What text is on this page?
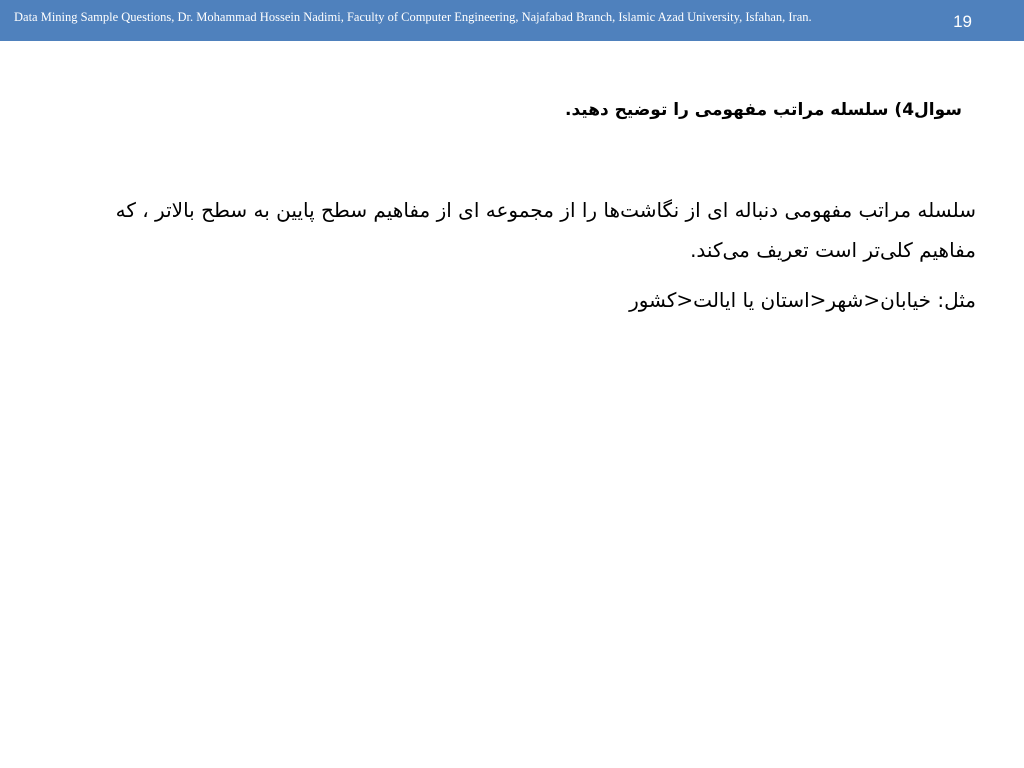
Data Mining Sample Questions, Dr. Mohammad Hossein Nadimi, Faculty of Computer Engineering, Najafabad Branch, Islamic Azad University, Isfahan, Iran.	19
سوال4) سلسله مراتب مفهومی را توضیح دهید.

سلسله مراتب مفهومی دنباله ای از نگاشت‌ها را از مجموعه ای از مفاهیم سطح پایین به سطح بالاتر ، که مفاهیم کلی‌تر است تعریف می‌کند.

مثل: خیابان<شهر<استان یا ایالت<کشور
